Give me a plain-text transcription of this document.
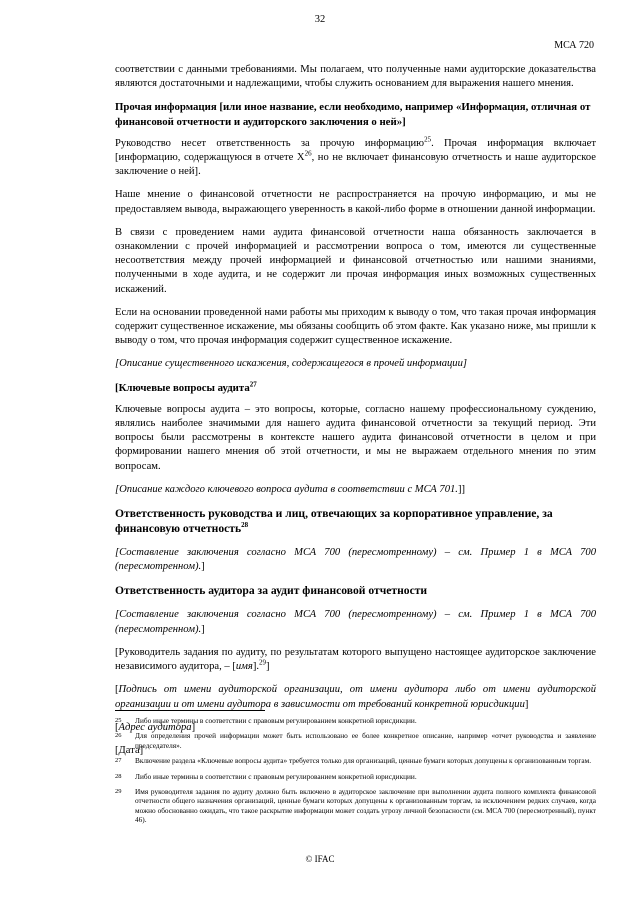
32
МСА 720

соответствии с данными требованиями. Мы полагаем, что полученные нами аудиторские доказательства являются достаточными и надлежащими, чтобы служить основанием для выражения нашего мнения.

Прочая информация [или иное название, если необходимо, например «Информация, отличная от финансовой отчетности и аудиторского заключения о ней»]

Руководство несет ответственность за прочую информацию$^{25}$. Прочая информация включает [информацию, содержащуюся в отчете $X^{26}$, но не включает финансовую отчетность и наше аудиторское заключение о ней].

Наше мнение о финансовой отчетности не распространяется на прочую информацию, и мы не предоставляем вывода, выражающего уверенность в какой-либо форме в отношении данной информации.

В связи с проведением нами аудита финансовой отчетности наша обязанность заключается в ознакомлении с прочей информацией и рассмотрении вопроса о том, имеются ли существенные несоответствия между прочей информацией и финансовой отчетностью или нашими знаниями, полученными в ходе аудита, и не содержит ли прочая информация иных возможных существенных искажений.

Если на основании проведенной нами работы мы приходим к выводу о том, что такая прочая информация содержит существенное искажение, мы обязаны сообщить об этом факте. Как указано ниже, мы пришли к выводу о том, что прочая информация содержит существенное искажение.

[Описание существенного искажения, содержащегося в прочей информации]

[Ключевые вопросы аудита$^{27}$

Ключевые вопросы аудита – это вопросы, которые, согласно нашему профессиональному суждению, являлись наиболее значимыми для нашего аудита финансовой отчетности за текущий период. Эти вопросы были рассмотрены в контексте нашего аудита финансовой отчетности в целом и при формировании нашего мнения об этой отчетности, и мы не выражаем отдельного мнения по этим вопросам.

[Описание каждого ключевого вопроса аудита в соответствии с МСА 701.]]

Ответственность руководства и лиц, отвечающих за корпоративное управление, за финансовую отчетность$^{28}$

[Составление заключения согласно МСА 700 (пересмотренному) – см. Пример 1 в МСА 700 (пересмотренном).]

Ответственность аудитора за аудит финансовой отчетности

[Составление заключения согласно МСА 700 (пересмотренному) – см. Пример 1 в МСА 700 (пересмотренном).]

[Руководитель задания по аудиту, по результатам которого выпущено настоящее аудиторское заключение независимого аудитора, – [имя].$^{29}$]

[Подпись от имени аудиторской организации, от имени аудитора либо от имени аудиторской организации и от имени аудитора в зависимости от требований конкретной юрисдикции]

[Адрес аудитора]

[Дата]

25	Либо иные термины в соответствии с правовым регулированием конкретной юрисдикции.
26	Для определения прочей информации может быть использовано ее более конкретное описание, например «отчет руководства и заявление председателя».
27	Включение раздела «Ключевые вопросы аудита» требуется только для организаций, ценные бумаги которых допущены к организованным торгам.
28	Либо иные термины в соответствии с правовым регулированием конкретной юрисдикции.
29	Имя руководителя задания по аудиту должно быть включено в аудиторское заключение при выполнении аудита полного комплекта финансовой отчетности общего назначения организаций, ценные бумаги которых допущены к организованным торгам, за исключением редких случаев, когда можно обоснованно ожидать, что такое раскрытие информации может создать угрозу личной безопасности (см. МСА 700 (пересмотренный), пункт 46).
© IFAC
